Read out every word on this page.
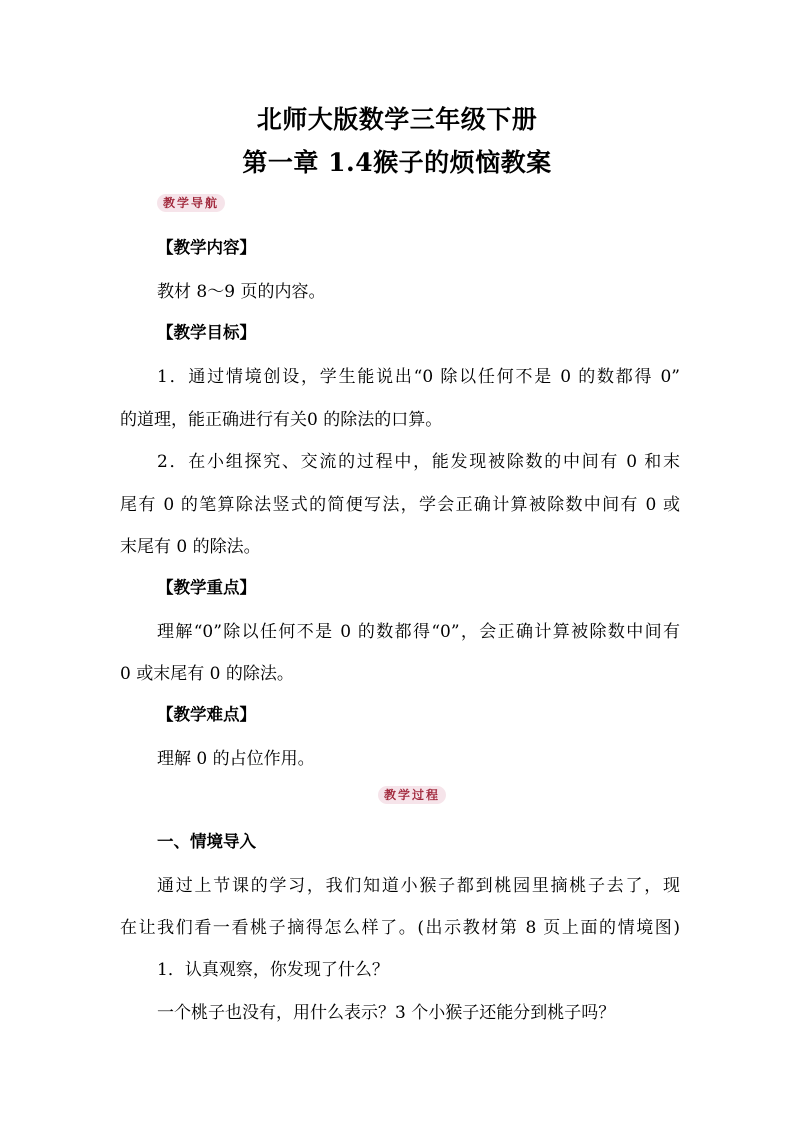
北师大版数学三年级下册
第一章 1.4猴子的烦恼教案
教学导航
【教学内容】
教材 8～9 页的内容。
【教学目标】
1．通过情境创设，学生能说出“0 除以任何不是 0 的数都得 0”
的道理，能正确进行有关0 的除法的口算。
2．在小组探究、交流的过程中，能发现被除数的中间有 0 和末
尾有 0 的笔算除法竖式的简便写法，学会正确计算被除数中间有 0 或
末尾有 0 的除法。
【教学重点】
理解“0”除以任何不是 0 的数都得“0”，会正确计算被除数中间有
0 或末尾有 0 的除法。
【教学难点】
理解 0 的占位作用。
教学过程
一、情境导入
通过上节课的学习，我们知道小猴子都到桃园里摘桃子去了，现
在让我们看一看桃子摘得怎么样了。(出示教材第 8 页上面的情境图)
1．认真观察，你发现了什么？
一个桃子也没有，用什么表示？3 个小猴子还能分到桃子吗？
